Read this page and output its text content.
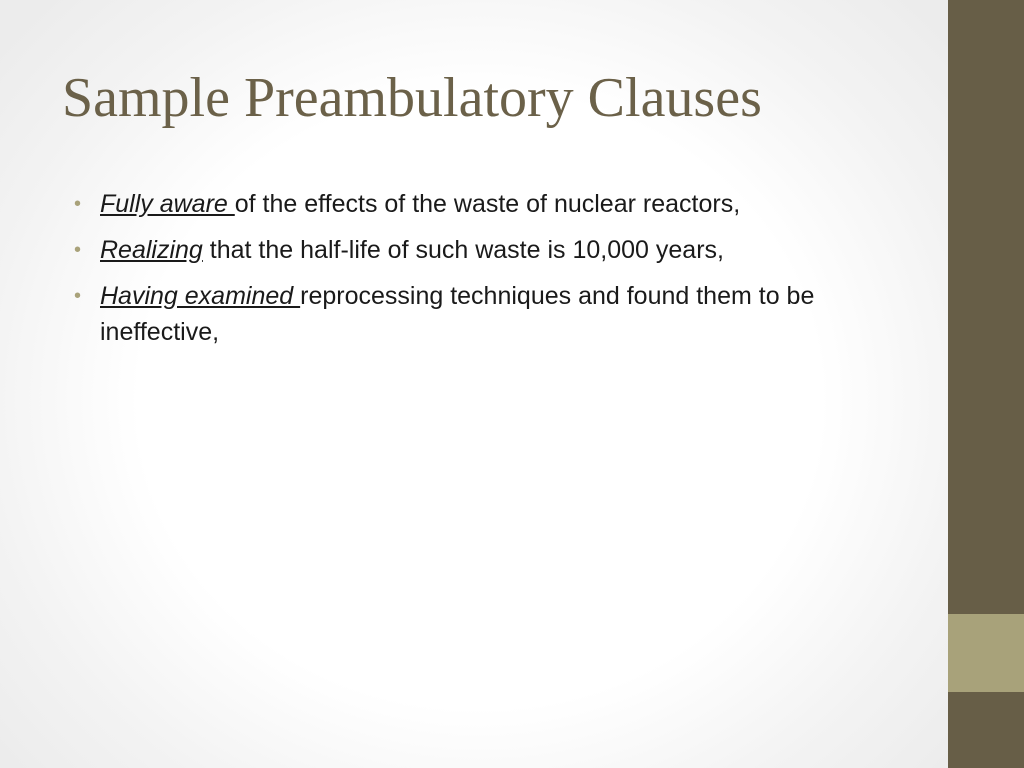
Sample Preambulatory Clauses
• Fully aware of the effects of the waste of nuclear reactors,
• Realizing that the half-life of such waste is 10,000 years,
• Having examined reprocessing techniques and found them to be ineffective,
